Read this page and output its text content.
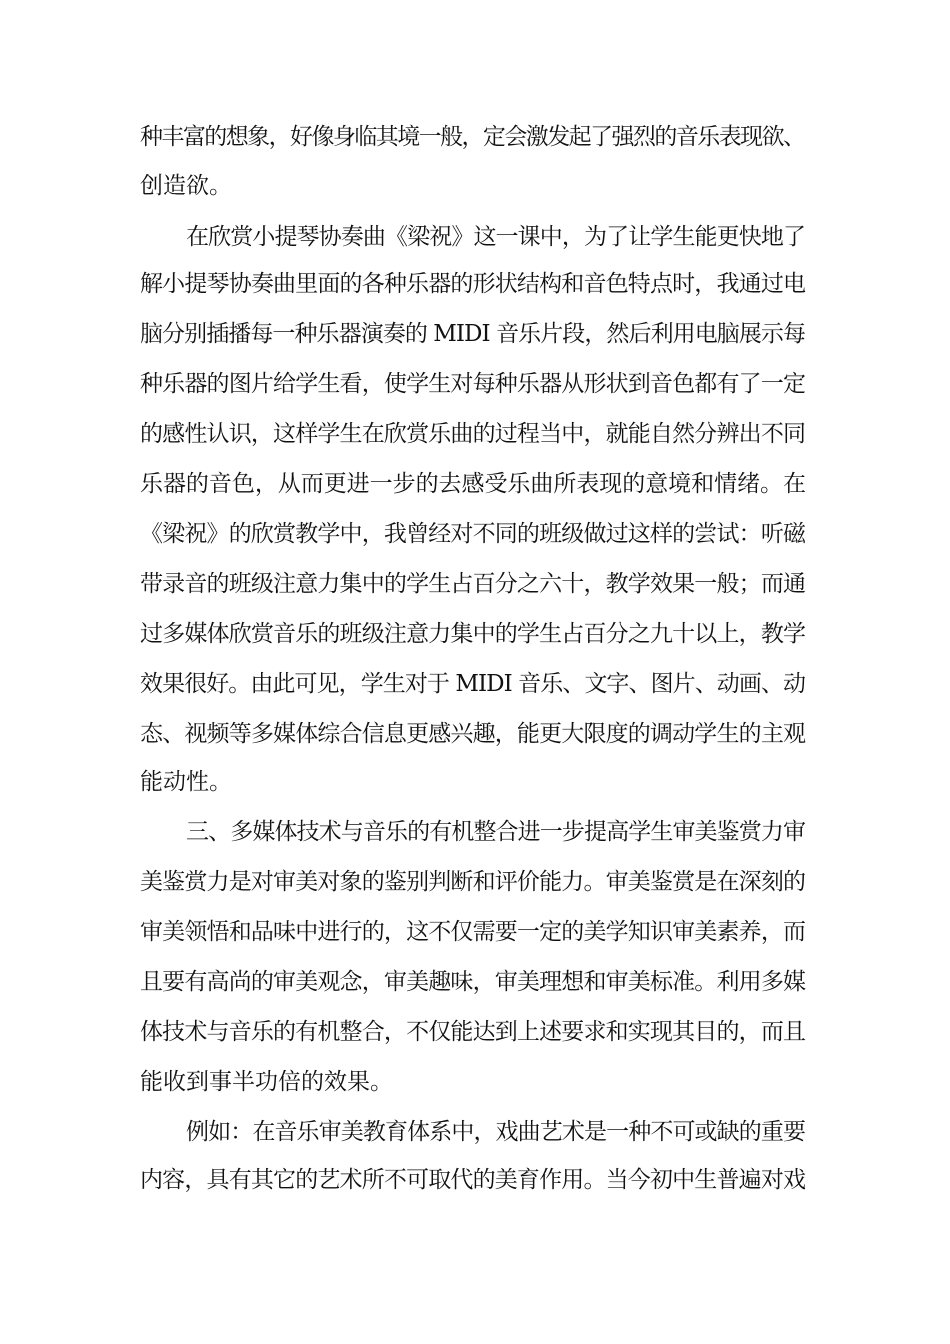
种丰富的想象，好像身临其境一般，定会激发起了强烈的音乐表现欲、
创造欲。
在欣赏小提琴协奏曲《梁祝》这一课中，为了让学生能更快地了
解小提琴协奏曲里面的各种乐器的形状结构和音色特点时，我通过电
脑分别插播每一种乐器演奏的 MIDI 音乐片段，然后利用电脑展示每
种乐器的图片给学生看，使学生对每种乐器从形状到音色都有了一定
的感性认识，这样学生在欣赏乐曲的过程当中，就能自然分辨出不同
乐器的音色，从而更进一步的去感受乐曲所表现的意境和情绪。在
《梁祝》的欣赏教学中，我曾经对不同的班级做过这样的尝试：听磁
带录音的班级注意力集中的学生占百分之六十，教学效果一般；而通
过多媒体欣赏音乐的班级注意力集中的学生占百分之九十以上，教学
效果很好。由此可见，学生对于 MIDI 音乐、文字、图片、动画、动
态、视频等多媒体综合信息更感兴趣，能更大限度的调动学生的主观
能动性。
三、多媒体技术与音乐的有机整合进一步提高学生审美鉴赏力审
美鉴赏力是对审美对象的鉴别判断和评价能力。审美鉴赏是在深刻的
审美领悟和品味中进行的，这不仅需要一定的美学知识审美素养，而
且要有高尚的审美观念，审美趣味，审美理想和审美标准。利用多媒
体技术与音乐的有机整合，不仅能达到上述要求和实现其目的，而且
能收到事半功倍的效果。
例如：在音乐审美教育体系中，戏曲艺术是一种不可或缺的重要
内容，具有其它的艺术所不可取代的美育作用。当今初中生普遍对戏
